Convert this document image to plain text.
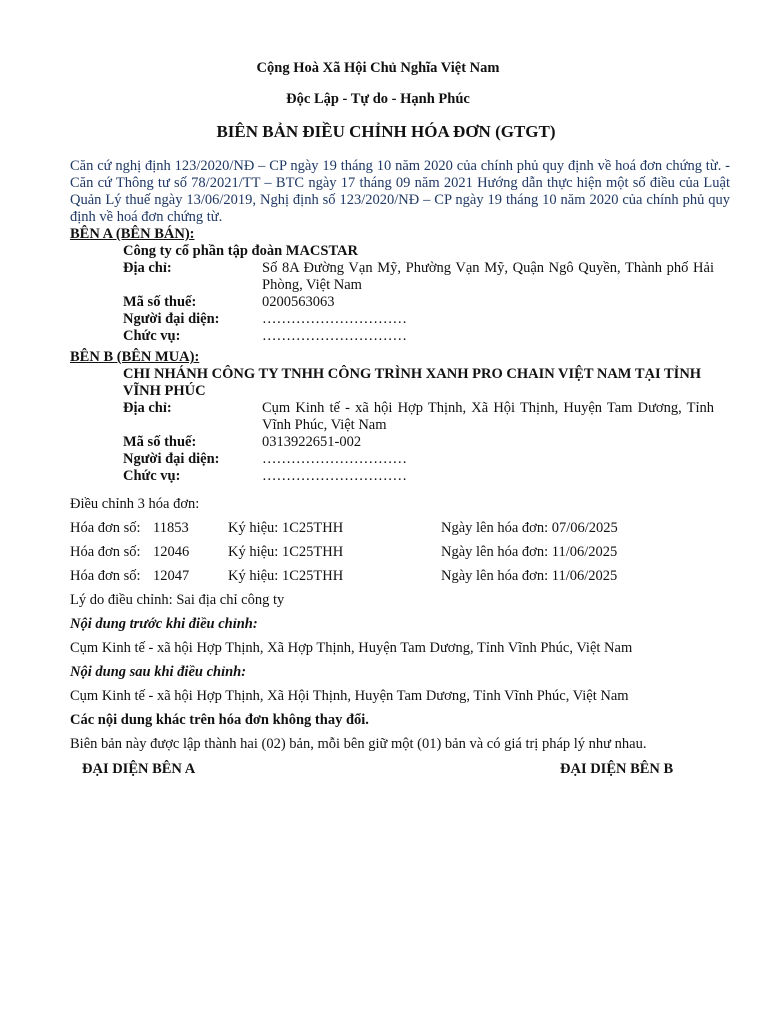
Cộng Hoà Xã Hội Chủ Nghĩa Việt Nam
Độc Lập - Tự do - Hạnh Phúc
BIÊN BẢN ĐIỀU CHỈNH HÓA ĐƠN (GTGT)
Căn cứ nghị định 123/2020/NĐ – CP ngày 19 tháng 10 năm 2020 của chính phủ quy định về hoá đơn chứng từ. - Căn cứ Thông tư số 78/2021/TT – BTC ngày 17 tháng 09 năm 2021 Hướng dẫn thực hiện một số điều của Luật Quản Lý thuế ngày 13/06/2019, Nghị định số 123/2020/NĐ – CP ngày 19 tháng 10 năm 2020 của chính phủ quy định về hoá đơn chứng từ.
BÊN A (BÊN BÁN):
Công ty cổ phần tập đoàn MACSTAR
Địa chỉ:	Số 8A Đường Vạn Mỹ, Phường Vạn Mỹ, Quận Ngô Quyền, Thành phố Hải Phòng, Việt Nam
Mã số thuế:	0200563063
Người đại diện:	…………………………
Chức vụ:	…………………………
BÊN B (BÊN MUA):
CHI NHÁNH CÔNG TY TNHH CÔNG TRÌNH XANH PRO CHAIN VIỆT NAM TẠI TỈNH VĨNH PHÚC
Địa chỉ:	Cụm Kinh tế - xã hội Hợp Thịnh, Xã Hội Thịnh, Huyện Tam Dương, Tỉnh Vĩnh Phúc, Việt Nam
Mã số thuế:	0313922651-002
Người đại diện:	…………………………
Chức vụ:	…………………………
Điều chỉnh 3 hóa đơn:
Hóa đơn số: 11853	Ký hiệu: 1C25THH	Ngày lên hóa đơn: 07/06/2025
Hóa đơn số: 12046	Ký hiệu: 1C25THH	Ngày lên hóa đơn: 11/06/2025
Hóa đơn số: 12047	Ký hiệu: 1C25THH	Ngày lên hóa đơn: 11/06/2025
Lý do điều chỉnh: Sai địa chỉ công ty
Nội dung trước khi điều chỉnh:
Cụm Kinh tế - xã hội Hợp Thịnh, Xã Hợp Thịnh, Huyện Tam Dương, Tỉnh Vĩnh Phúc, Việt Nam
Nội dung sau khi điều chỉnh:
Cụm Kinh tế - xã hội Hợp Thịnh, Xã Hội Thịnh, Huyện Tam Dương, Tỉnh Vĩnh Phúc, Việt Nam
Các nội dung khác trên hóa đơn không thay đổi.
Biên bản này được lập thành hai (02) bản, mỗi bên giữ một (01) bản và có giá trị pháp lý như nhau.
ĐẠI DIỆN BÊN A	ĐẠI DIỆN BÊN B
